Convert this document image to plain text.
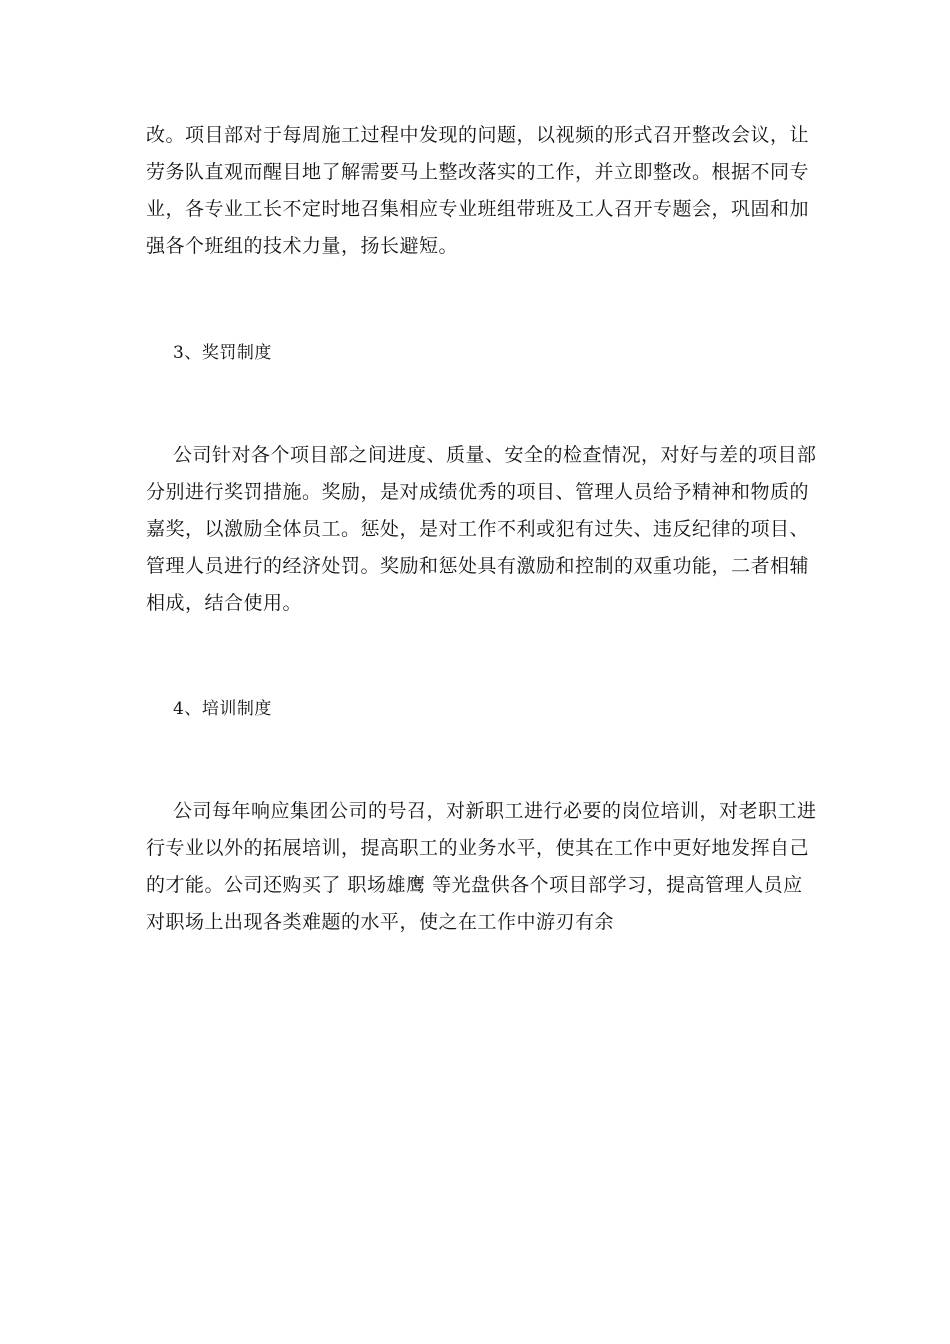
改。项目部对于每周施工过程中发现的问题，以视频的形式召开整改会议，让
劳务队直观而醒目地了解需要马上整改落实的工作，并立即整改。根据不同专
业，各专业工长不定时地召集相应专业班组带班及工人召开专题会，巩固和加
强各个班组的技术力量，扬长避短。
3、奖罚制度
公司针对各个项目部之间进度、质量、安全的检查情况，对好与差的项目部
分别进行奖罚措施。奖励，是对成绩优秀的项目、管理人员给予精神和物质的
嘉奖，以激励全体员工。惩处，是对工作不利或犯有过失、违反纪律的项目、
管理人员进行的经济处罚。奖励和惩处具有激励和控制的双重功能，二者相辅
相成，结合使用。
4、培训制度
公司每年响应集团公司的号召，对新职工进行必要的岗位培训，对老职工进
行专业以外的拓展培训，提高职工的业务水平，使其在工作中更好地发挥自己
的才能。公司还购买了 职场雄鹰 等光盘供各个项目部学习，提高管理人员应
对职场上出现各类难题的水平，使之在工作中游刃有余
